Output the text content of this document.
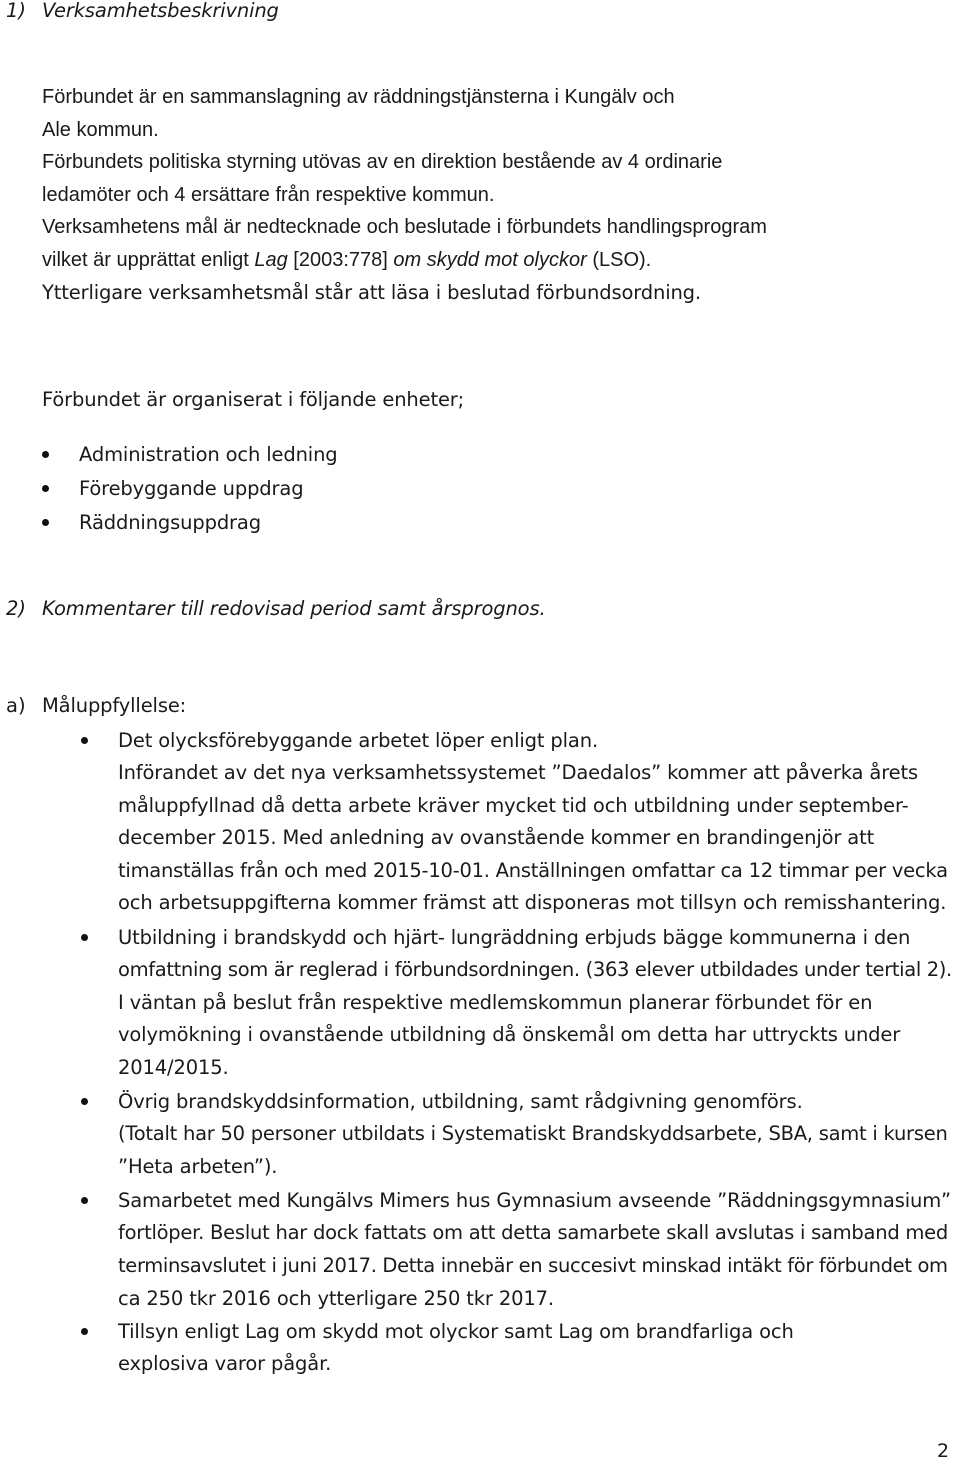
1) Verksamhetsbeskrivning

Förbundet är en sammanslagning av räddningstjänsterna i Kungälv och

Ale kommun.

Förbundets politiska styrning utövas av en direktion bestående av 4 ordinarie

ledamöter och 4 ersättare från respektive kommun.

Verksamhetens mål är nedtecknade och beslutade i förbundets handlingsprogram

vilket är upprättat enligt Lag [2003:778] om skydd mot olyckor (LSO).

Ytterligare verksamhetsmål står att läsa i beslutad förbundsordning.

Förbundet är organiserat i följande enheter;

Administration och ledning

Förebyggande uppdrag

Räddningsuppdrag

2) Kommentarer till redovisad period samt årsprognos.
a) Måluppfyllelse:

Det olycksförebyggande arbetet löper enligt plan.

Införandet av det nya verksamhetssystemet ”Daedalos” kommer att påverka årets

måluppfyllnad då detta arbete kräver mycket tid och utbildning under september-

december 2015. Med anledning av ovanstående kommer en brandingenjör att

timanställas från och med 2015-10-01. Anställningen omfattar ca 12 timmar per vecka

och arbetsuppgifterna kommer främst att disponeras mot tillsyn och remisshantering.

Utbildning i brandskydd och hjärt- lungräddning erbjuds bägge kommunerna i den

omfattning som är reglerad i förbundsordningen. (363 elever utbildades under tertial 2).

I väntan på beslut från respektive medlemskommun planerar förbundet för en

volymökning i ovanstående utbildning då önskemål om detta har uttryckts under

2014/2015.

Övrig brandskyddsinformation, utbildning, samt rådgivning genomförs.

(Totalt har 50 personer utbildats i Systematiskt Brandskyddsarbete, SBA, samt i kursen

”Heta arbeten”).

Samarbetet med Kungälvs Mimers hus Gymnasium avseende ”Räddningsgymnasium”

fortlöper. Beslut har dock fattats om att detta samarbete skall avslutas i samband med

terminsavslutet i juni 2017. Detta innebär en succesivt minskad intäkt för förbundet om

ca 250 tkr 2016 och ytterligare 250 tkr 2017.

Tillsyn enligt Lag om skydd mot olyckor samt Lag om brandfarliga och

explosiva varor pågår.

2
